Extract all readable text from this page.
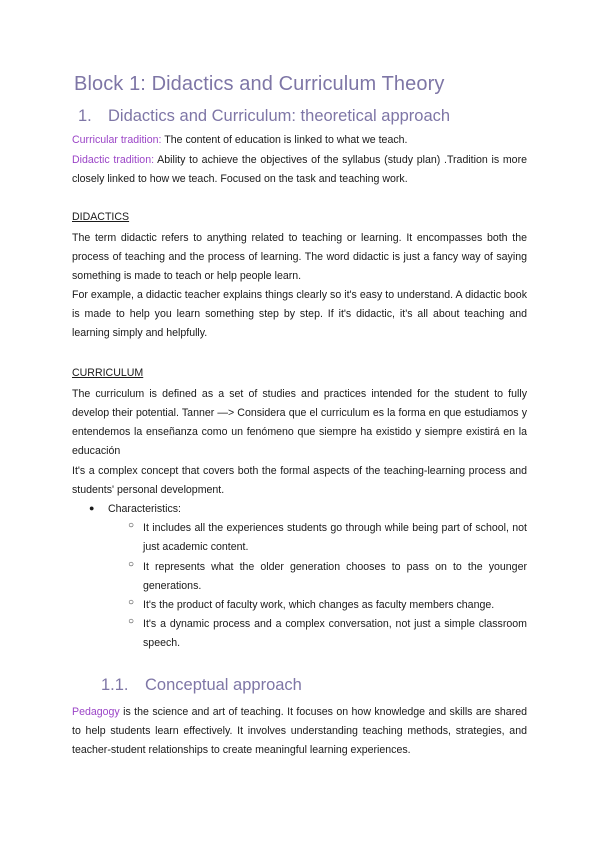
Block 1: Didactics and Curriculum Theory
1. Didactics and Curriculum: theoretical approach
Curricular tradition: The content of education is linked to what we teach.
Didactic tradition: Ability to achieve the objectives of the syllabus (study plan) .Tradition is more closely linked to how we teach. Focused on the task and teaching work.
DIDACTICS
The term didactic refers to anything related to teaching or learning. It encompasses both the process of teaching and the process of learning. The word didactic is just a fancy way of saying something is made to teach or help people learn.
For example, a didactic teacher explains things clearly so it's easy to understand. A didactic book is made to help you learn something step by step. If it's didactic, it's all about teaching and learning simply and helpfully.
CURRICULUM
The curriculum is defined as a set of studies and practices intended for the student to fully develop their potential. Tanner —> Considera que el curriculum es la forma en que estudiamos y entendemos la enseñanza como un fenómeno que siempre ha existido y siempre existirá en la educación
It's a complex concept that covers both the formal aspects of the teaching-learning process and students' personal development.
● Characteristics:
○ It includes all the experiences students go through while being part of school, not just academic content.
○ It represents what the older generation chooses to pass on to the younger generations.
○ It's the product of faculty work, which changes as faculty members change.
○ It's a dynamic process and a complex conversation, not just a simple classroom speech.
1.1. Conceptual approach
Pedagogy is the science and art of teaching. It focuses on how knowledge and skills are shared to help students learn effectively. It involves understanding teaching methods, strategies, and teacher-student relationships to create meaningful learning experiences.
